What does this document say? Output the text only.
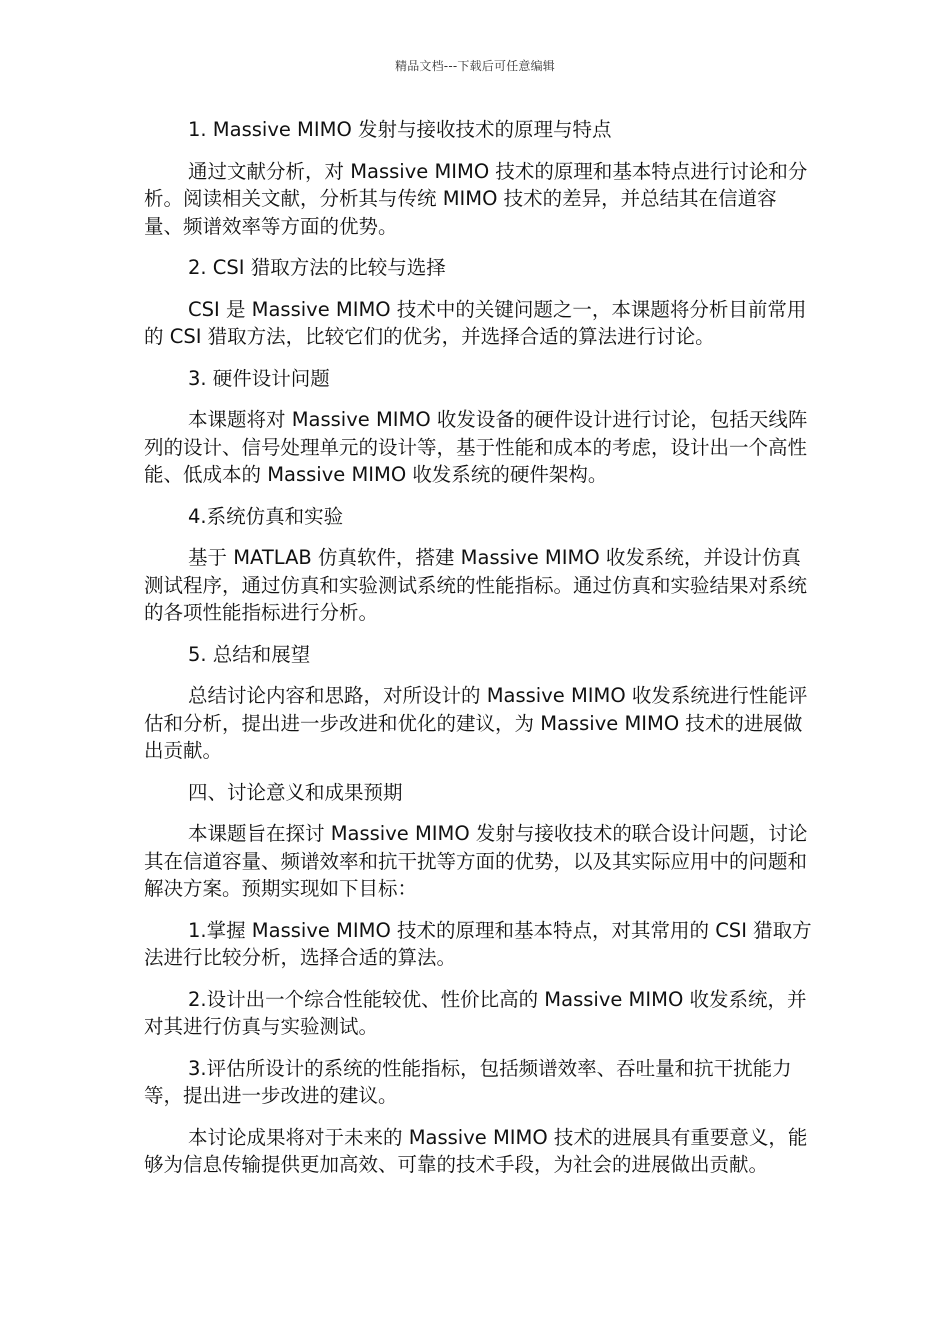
精品文档---下载后可任意编辑

1. Massive MIMO 发射与接收技术的原理与特点

通过文献分析，对 Massive MIMO 技术的原理和基本特点进行讨论和分析。阅读相关文献，分析其与传统 MIMO 技术的差异，并总结其在信道容量、频谱效率等方面的优势。

2. CSI 猎取方法的比较与选择

CSI 是 Massive MIMO 技术中的关键问题之一，本课题将分析目前常用的 CSI 猎取方法，比较它们的优劣，并选择合适的算法进行讨论。

3. 硬件设计问题

本课题将对 Massive MIMO 收发设备的硬件设计进行讨论，包括天线阵列的设计、信号处理单元的设计等，基于性能和成本的考虑，设计出一个高性能、低成本的 Massive MIMO 收发系统的硬件架构。

4.系统仿真和实验

基于 MATLAB 仿真软件，搭建 Massive MIMO 收发系统，并设计仿真测试程序，通过仿真和实验测试系统的性能指标。通过仿真和实验结果对系统的各项性能指标进行分析。

5. 总结和展望

总结讨论内容和思路，对所设计的 Massive MIMO 收发系统进行性能评估和分析，提出进一步改进和优化的建议，为 Massive MIMO 技术的进展做出贡献。

四、讨论意义和成果预期

本课题旨在探讨 Massive MIMO 发射与接收技术的联合设计问题，讨论其在信道容量、频谱效率和抗干扰等方面的优势，以及其实际应用中的问题和解决方案。预期实现如下目标：

1.掌握 Massive MIMO 技术的原理和基本特点，对其常用的 CSI 猎取方法进行比较分析，选择合适的算法。

2.设计出一个综合性能较优、性价比高的 Massive MIMO 收发系统，并对其进行仿真与实验测试。

3.评估所设计的系统的性能指标，包括频谱效率、吞吐量和抗干扰能力等，提出进一步改进的建议。

本讨论成果将对于未来的 Massive MIMO 技术的进展具有重要意义，能够为信息传输提供更加高效、可靠的技术手段，为社会的进展做出贡献。
